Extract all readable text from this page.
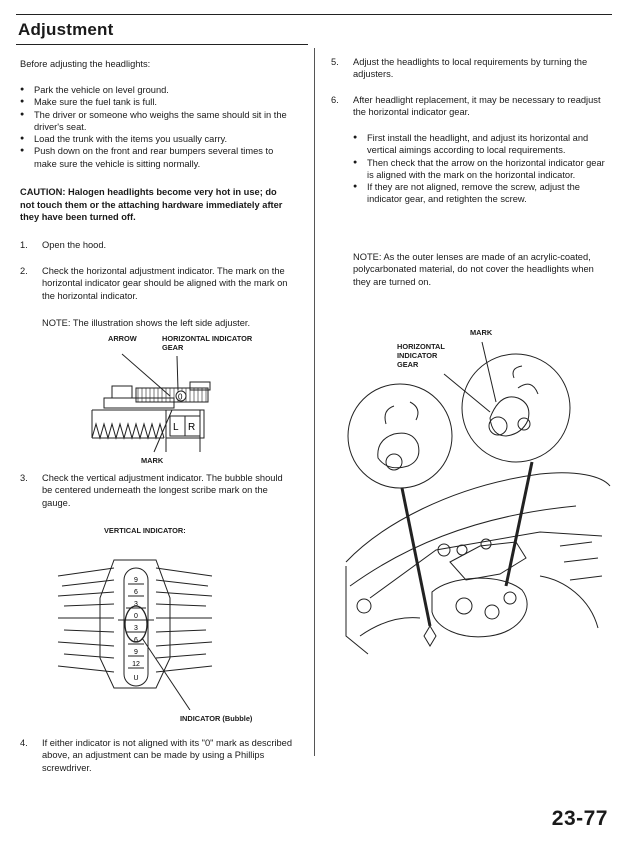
Adjustment
Before adjusting the headlights:
● Park the vehicle on level ground.
● Make sure the fuel tank is full.
● The driver or someone who weighs the same should sit in the driver's seat.
● Load the trunk with the items you usually carry.
● Push down on the front and rear bumpers several times to make sure the vehicle is sitting normally.
CAUTION: Halogen headlights become very hot in use; do not touch them or the attaching hardware immediately after they have been turned off.
1. Open the hood.
2. Check the horizontal adjustment indicator. The mark on the horizontal indicator gear should be aligned with the mark on the horizontal indicator.
NOTE: The illustration shows the left side adjuster.
ARROW	HORIZONTAL INDICATOR
GEAR
MARK
0
L R
3. Check the vertical adjustment indicator. The bubble should be centered underneath the longest scribe mark on the gauge.
VERTICAL INDICATOR:
9
6
3
0
3
6
9
12
U
INDICATOR (Bubble)
4. If either indicator is not aligned with its "0" mark as described above, an adjustment can be made by using a Phillips screwdriver.
5. Adjust the headlights to local requirements by turning the adjusters.
6. After headlight replacement, it may be necessary to readjust the horizontal indicator gear.
● First install the headlight, and adjust its horizontal and vertical aimings according to local requirements.
● Then check that the arrow on the horizontal indicator gear is aligned with the mark on the horizontal indicator.
● If they are not aligned, remove the screw, adjust the indicator gear, and retighten the screw.
NOTE: As the outer lenses are made of an acrylic-coated, polycarbonated material, do not cover the headlights when they are turned on.
MARK
HORIZONTAL
INDICATOR
GEAR
23-77
